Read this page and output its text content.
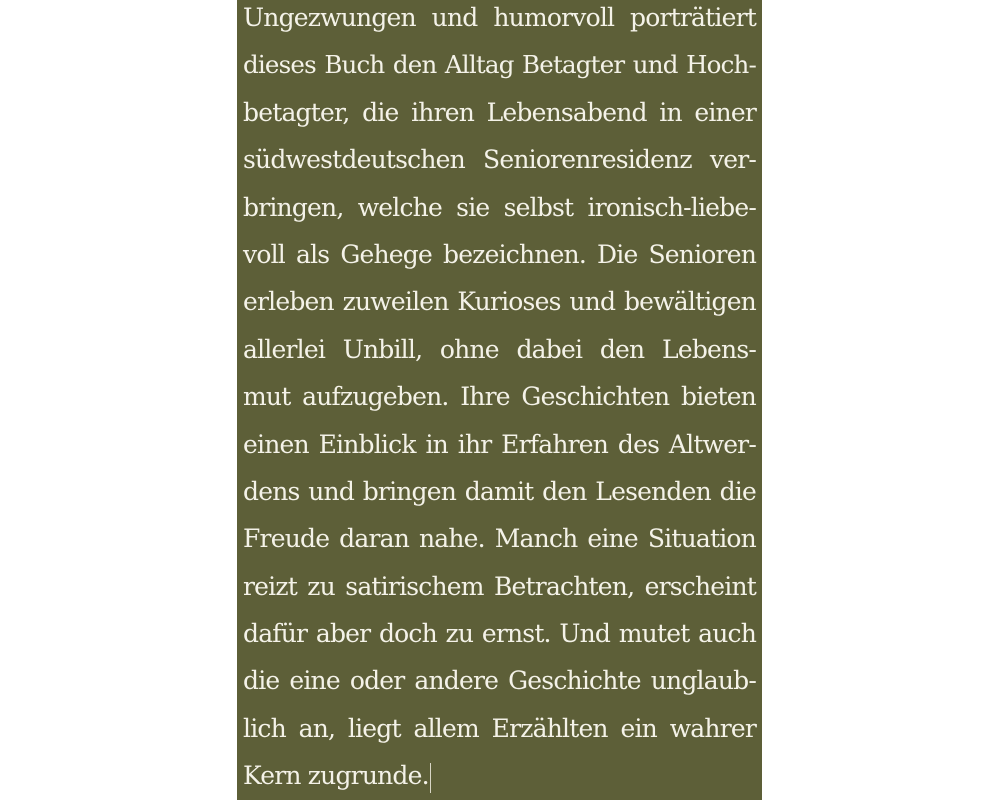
Ungezwungen und humorvoll porträtiert
dieses Buch den Alltag Betagter und Hoch-
betagter, die ihren Lebensabend in einer
südwestdeutschen Seniorenresidenz ver-
bringen, welche sie selbst ironisch-liebe-
voll als Gehege bezeichnen. Die Senioren
erleben zuweilen Kurioses und bewältigen
allerlei Unbill, ohne dabei den Lebens-
mut aufzugeben. Ihre Geschichten bieten
einen Einblick in ihr Erfahren des Altwer-
dens und bringen damit den Lesenden die
Freude daran nahe. Manch eine Situation
reizt zu satirischem Betrachten, erscheint
dafür aber doch zu ernst. Und mutet auch
die eine oder andere Geschichte unglaub-
lich an, liegt allem Erzählten ein wahrer
Kern zugrunde.
